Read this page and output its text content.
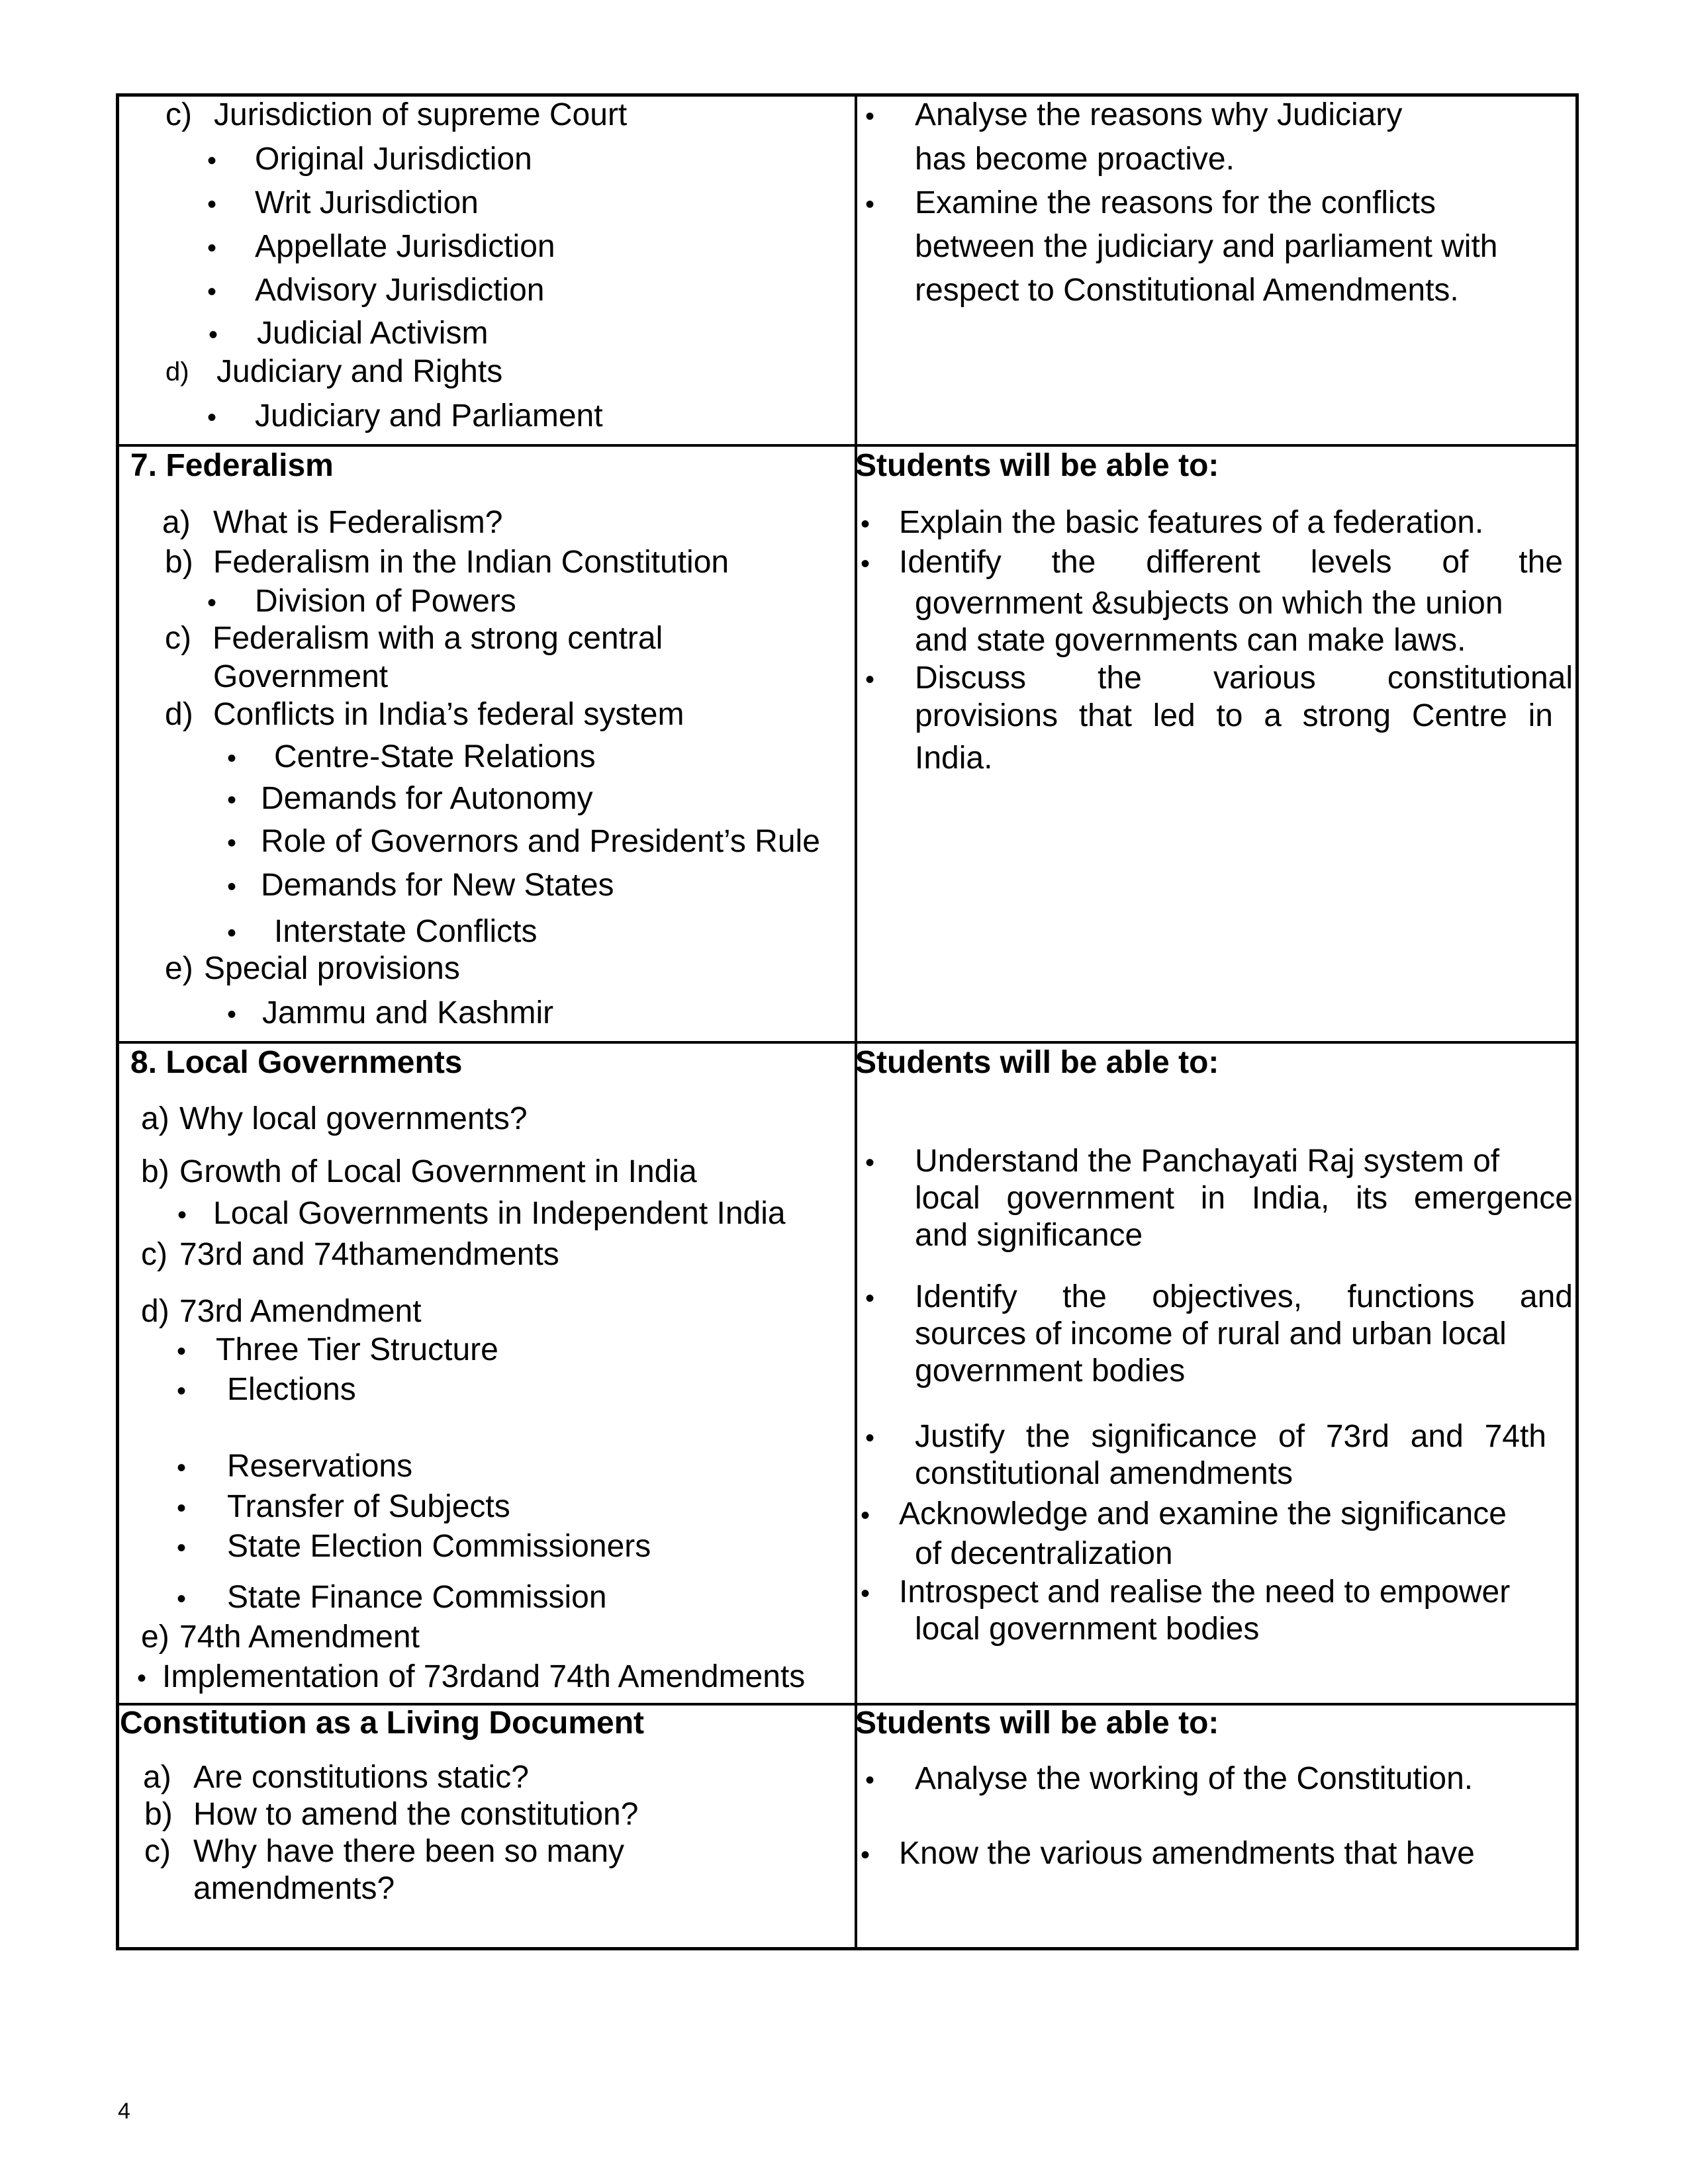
c) Jurisdiction of supreme Court
• Original Jurisdiction
• Writ Jurisdiction
• Appellate Jurisdiction
• Advisory Jurisdiction
• Judicial Activism
d) Judiciary and Rights
• Judiciary and Parliament
• Analyse the reasons why Judiciary
has become proactive.
• Examine the reasons for the conflicts
between the judiciary and parliament with
respect to Constitutional Amendments.
7. Federalism
a) What is Federalism?
b) Federalism in the Indian Constitution
• Division of Powers
c) Federalism with a strong central
Government
d) Conflicts in India’s federal system
• Centre-State Relations
• Demands for Autonomy
• Role of Governors and President’s Rule
• Demands for New States
• Interstate Conflicts
e) Special provisions
• Jammu and Kashmir
Students will be able to:
• Explain the basic features of a federation.
• Identify the different levels of the
government &subjects on which the union
and state governments can make laws.
• Discuss the various constitutional
provisions that led to a strong Centre in
India.
8. Local Governments
a) Why local governments?
b) Growth of Local Government in India
• Local Governments in Independent India
c) 73rd and 74thamendments
d) 73rd Amendment
• Three Tier Structure
• Elections
• Reservations
• Transfer of Subjects
• State Election Commissioners
• State Finance Commission
e) 74th Amendment
• Implementation of 73rdand 74th Amendments
Students will be able to:
• Understand the Panchayati Raj system of
local government in India, its emergence
and significance
• Identify the objectives, functions and
sources of income of rural and urban local
government bodies
• Justify the significance of 73rd and 74th
constitutional amendments
• Acknowledge and examine the significance
of decentralization
• Introspect and realise the need to empower
local government bodies
Constitution as a Living Document
a) Are constitutions static?
b) How to amend the constitution?
c) Why have there been so many
amendments?
Students will be able to:
• Analyse the working of the Constitution.
• Know the various amendments that have
4
